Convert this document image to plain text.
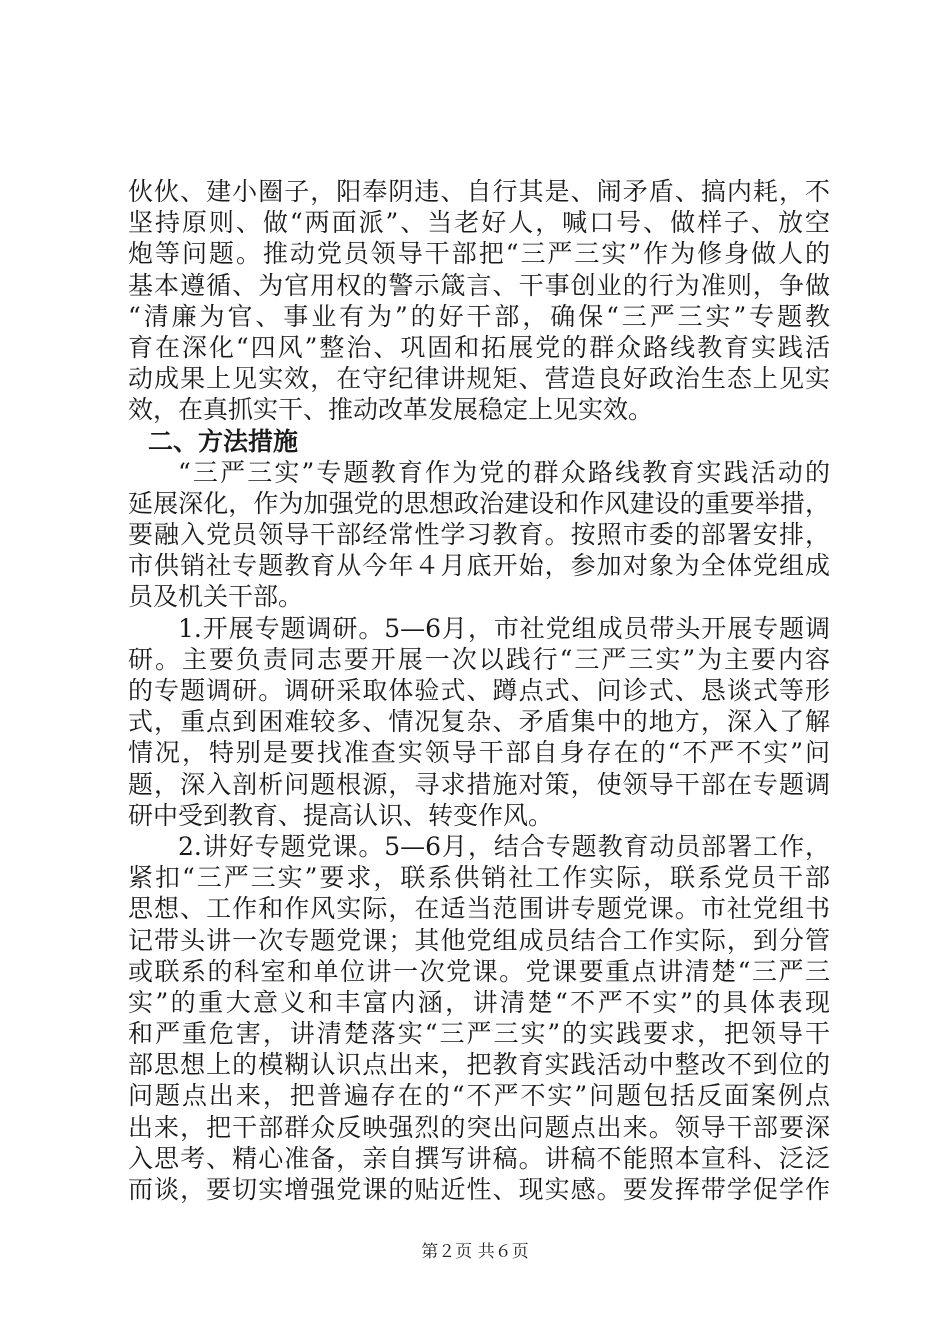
伙伙、建小圈子，阳奉阴违、自行其是、闹矛盾、搞内耗，不
坚持原则、做“两面派”、当老好人，喊口号、做样子、放空
炮等问题。推动党员领导干部把“三严三实”作为修身做人的
基本遵循、为官用权的警示箴言、干事创业的行为准则，争做
“清廉为官、事业有为”的好干部，确保“三严三实”专题教
育在深化“四风”整治、巩固和拓展党的群众路线教育实践活
动成果上见实效，在守纪律讲规矩、营造良好政治生态上见实
效，在真抓实干、推动改革发展稳定上见实效。
二、方法措施
“三严三实”专题教育作为党的群众路线教育实践活动的
延展深化，作为加强党的思想政治建设和作风建设的重要举措，
要融入党员领导干部经常性学习教育。按照市委的部署安排，
市供销社专题教育从今年４月底开始，参加对象为全体党组成
员及机关干部。
1.开展专题调研。5—6月，市社党组成员带头开展专题调
研。主要负责同志要开展一次以践行“三严三实”为主要内容
的专题调研。调研采取体验式、蹲点式、问诊式、恳谈式等形
式，重点到困难较多、情况复杂、矛盾集中的地方，深入了解
情况，特别是要找准查实领导干部自身存在的“不严不实”问
题，深入剖析问题根源，寻求措施对策，使领导干部在专题调
研中受到教育、提高认识、转变作风。
2.讲好专题党课。5—6月，结合专题教育动员部署工作，
紧扣“三严三实”要求，联系供销社工作实际，联系党员干部
思想、工作和作风实际，在适当范围讲专题党课。市社党组书
记带头讲一次专题党课；其他党组成员结合工作实际，到分管
或联系的科室和单位讲一次党课。党课要重点讲清楚“三严三
实”的重大意义和丰富内涵，讲清楚“不严不实”的具体表现
和严重危害，讲清楚落实“三严三实”的实践要求，把领导干
部思想上的模糊认识点出来，把教育实践活动中整改不到位的
问题点出来，把普遍存在的“不严不实”问题包括反面案例点
出来，把干部群众反映强烈的突出问题点出来。领导干部要深
入思考、精心准备，亲自撰写讲稿。讲稿不能照本宣科、泛泛
而谈，要切实增强党课的贴近性、现实感。要发挥带学促学作
第２页 共６页
